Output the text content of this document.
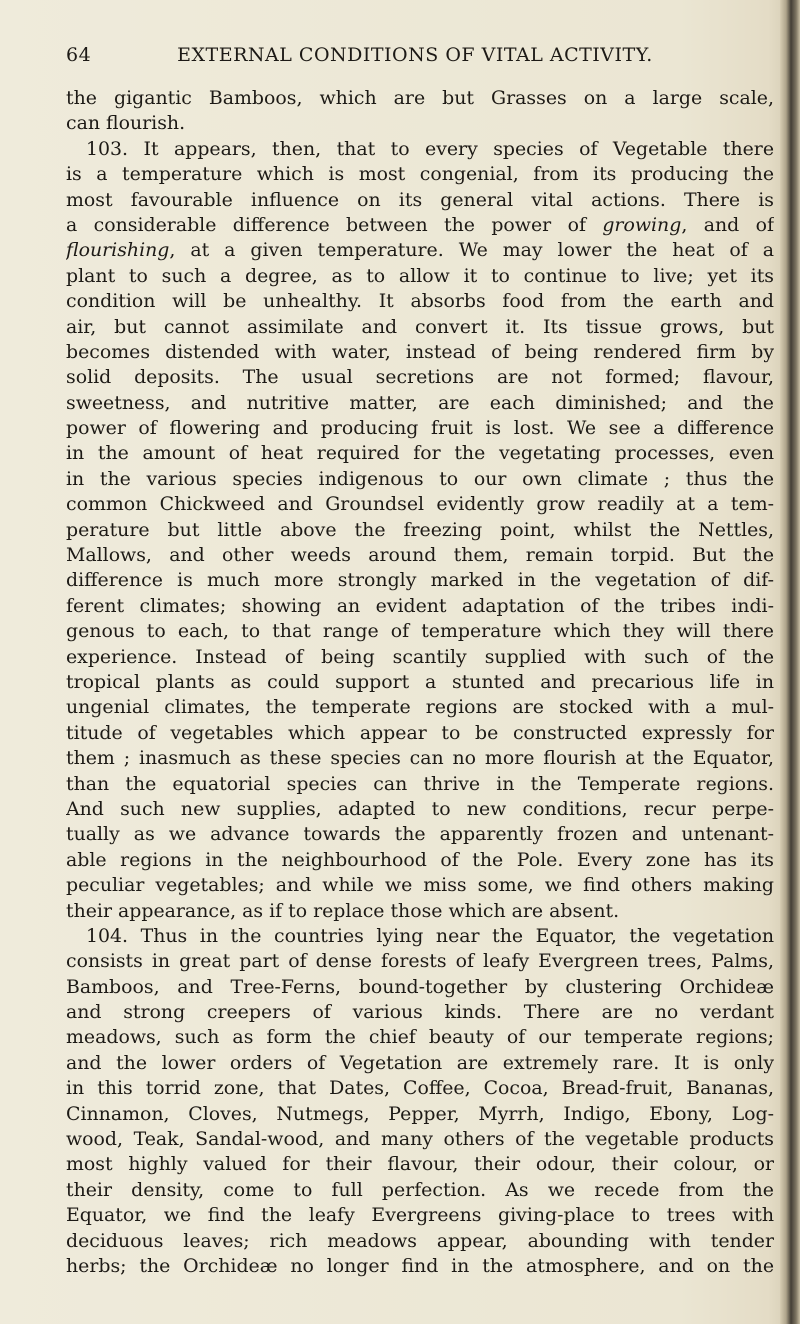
64	EXTERNAL CONDITIONS OF VITAL ACTIVITY.
the gigantic Bamboos, which are but Grasses on a large scale,
can flourish.
103. It appears, then, that to every species of Vegetable there
is a temperature which is most congenial, from its producing the
most favourable influence on its general vital actions. There is
a considerable difference between the power of growing, and of
flourishing, at a given temperature. We may lower the heat of a
plant to such a degree, as to allow it to continue to live; yet its
condition will be unhealthy. It absorbs food from the earth and
air, but cannot assimilate and convert it. Its tissue grows, but
becomes distended with water, instead of being rendered firm by
solid deposits. The usual secretions are not formed; flavour,
sweetness, and nutritive matter, are each diminished; and the
power of flowering and producing fruit is lost. We see a difference
in the amount of heat required for the vegetating processes, even
in the various species indigenous to our own climate ; thus the
common Chickweed and Groundsel evidently grow readily at a tem-
perature but little above the freezing point, whilst the Nettles,
Mallows, and other weeds around them, remain torpid. But the
difference is much more strongly marked in the vegetation of dif-
ferent climates; showing an evident adaptation of the tribes indi-
genous to each, to that range of temperature which they will there
experience. Instead of being scantily supplied with such of the
tropical plants as could support a stunted and precarious life in
ungenial climates, the temperate regions are stocked with a mul-
titude of vegetables which appear to be constructed expressly for
them ; inasmuch as these species can no more flourish at the Equator,
than the equatorial species can thrive in the Temperate regions.
And such new supplies, adapted to new conditions, recur perpe-
tually as we advance towards the apparently frozen and untenant-
able regions in the neighbourhood of the Pole. Every zone has its
peculiar vegetables; and while we miss some, we find others making
their appearance, as if to replace those which are absent.
104. Thus in the countries lying near the Equator, the vegetation
consists in great part of dense forests of leafy Evergreen trees, Palms,
Bamboos, and Tree-Ferns, bound-together by clustering Orchideæ
and strong creepers of various kinds. There are no verdant
meadows, such as form the chief beauty of our temperate regions;
and the lower orders of Vegetation are extremely rare. It is only
in this torrid zone, that Dates, Coffee, Cocoa, Bread-fruit, Bananas,
Cinnamon, Cloves, Nutmegs, Pepper, Myrrh, Indigo, Ebony, Log-
wood, Teak, Sandal-wood, and many others of the vegetable products
most highly valued for their flavour, their odour, their colour, or
their density, come to full perfection. As we recede from the
Equator, we find the leafy Evergreens giving-place to trees with
deciduous leaves; rich meadows appear, abounding with tender
herbs; the Orchideæ no longer find in the atmosphere, and on the
